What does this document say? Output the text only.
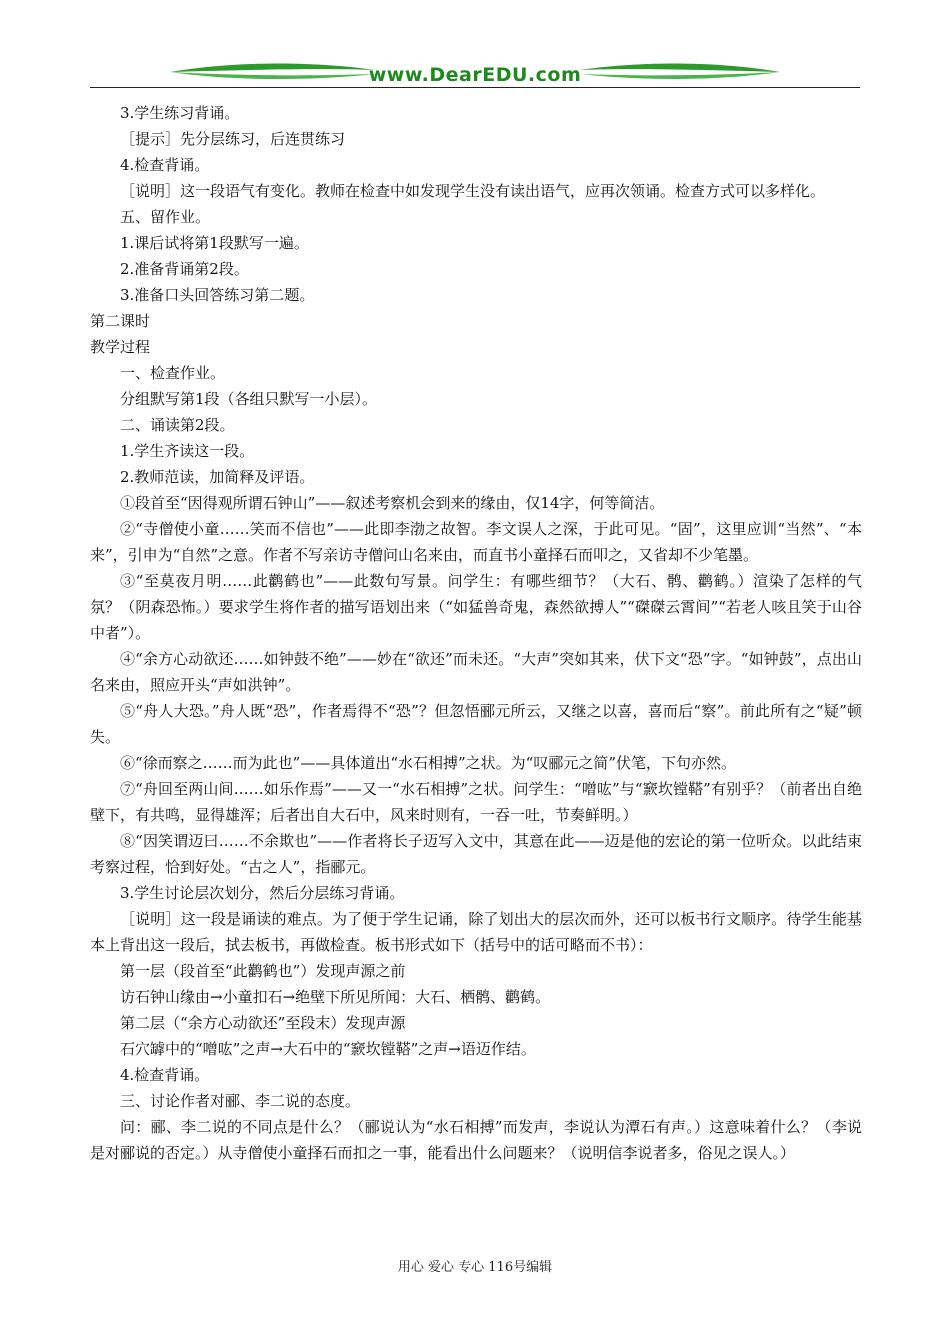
www.DearEDU.com

3.学生练习背诵。

［提示］先分层练习，后连贯练习

4.检查背诵。

［说明］这一段语气有变化。教师在检查中如发现学生没有读出语气，应再次领诵。检查方式可以多样化。

五、留作业。

1.课后试将第1段默写一遍。

2.准备背诵第2段。

3.准备口头回答练习第二题。

第二课时

教学过程

一、检查作业。

分组默写第1段（各组只默写一小层）。

二、诵读第2段。

1.学生齐读这一段。

2.教师范读，加简释及评语。

①段首至“因得观所谓石钟山”——叙述考察机会到来的缘由，仅14字，何等简洁。

②“寺僧使小童……笑而不信也”——此即李渤之故智。李文误人之深，于此可见。“固”，这里应训“当然”、“本来”，引申为“自然”之意。作者不写亲访寺僧问山名来由，而直书小童择石而叩之，又省却不少笔墨。

③“至莫夜月明……此鹳鹤也”——此数句写景。问学生：有哪些细节？（大石、鹘、鹳鹤。）渲染了怎样的气氛？（阴森恐怖。）要求学生将作者的描写语划出来（“如猛兽奇鬼，森然欲搏人”“磔磔云霄间”“若老人咳且笑于山谷中者”）。

④“余方心动欲还……如钟鼓不绝”——妙在“欲还”而未还。“大声”突如其来，伏下文“恐”字。“如钟鼓”，点出山名来由，照应开头“声如洪钟”。

⑤“舟人大恐。”舟人既“恐”，作者焉得不“恐”？但忽悟郦元所云，又继之以喜，喜而后“察”。前此所有之“疑”顿失。

⑥“徐而察之……而为此也”——具体道出“水石相搏”之状。为“叹郦元之简”伏笔，下句亦然。

⑦“舟回至两山间……如乐作焉”——又一“水石相搏”之状。问学生：“噌吰”与“窾坎镗鞳”有别乎？（前者出自绝壁下，有共鸣，显得雄浑；后者出自大石中，风来时则有，一吞一吐，节奏鲜明。）

⑧“因笑谓迈曰……不余欺也”——作者将长子迈写入文中，其意在此——迈是他的宏论的第一位听众。以此结束考察过程，恰到好处。“古之人”，指郦元。

3.学生讨论层次划分，然后分层练习背诵。

［说明］这一段是诵读的难点。为了便于学生记诵，除了划出大的层次而外，还可以板书行文顺序。待学生能基本上背出这一段后，拭去板书，再做检查。板书形式如下（括号中的话可略而不书）：

第一层（段首至“此鹳鹤也”）发现声源之前

访石钟山缘由→小童扣石→绝壁下所见所闻：大石、栖鹘、鹳鹤。

第二层（“余方心动欲还”至段末）发现声源

石穴罅中的“噌吰”之声→大石中的“窾坎镗鞳”之声→语迈作结。

4.检查背诵。

三、讨论作者对郦、李二说的态度。

问：郦、李二说的不同点是什么？（郦说认为“水石相搏”而发声，李说认为潭石有声。）这意味着什么？（李说是对郦说的否定。）从寺僧使小童择石而扣之一事，能看出什么问题来？（说明信李说者多，俗见之误人。）

用心 爱心 专心 116号编辑
